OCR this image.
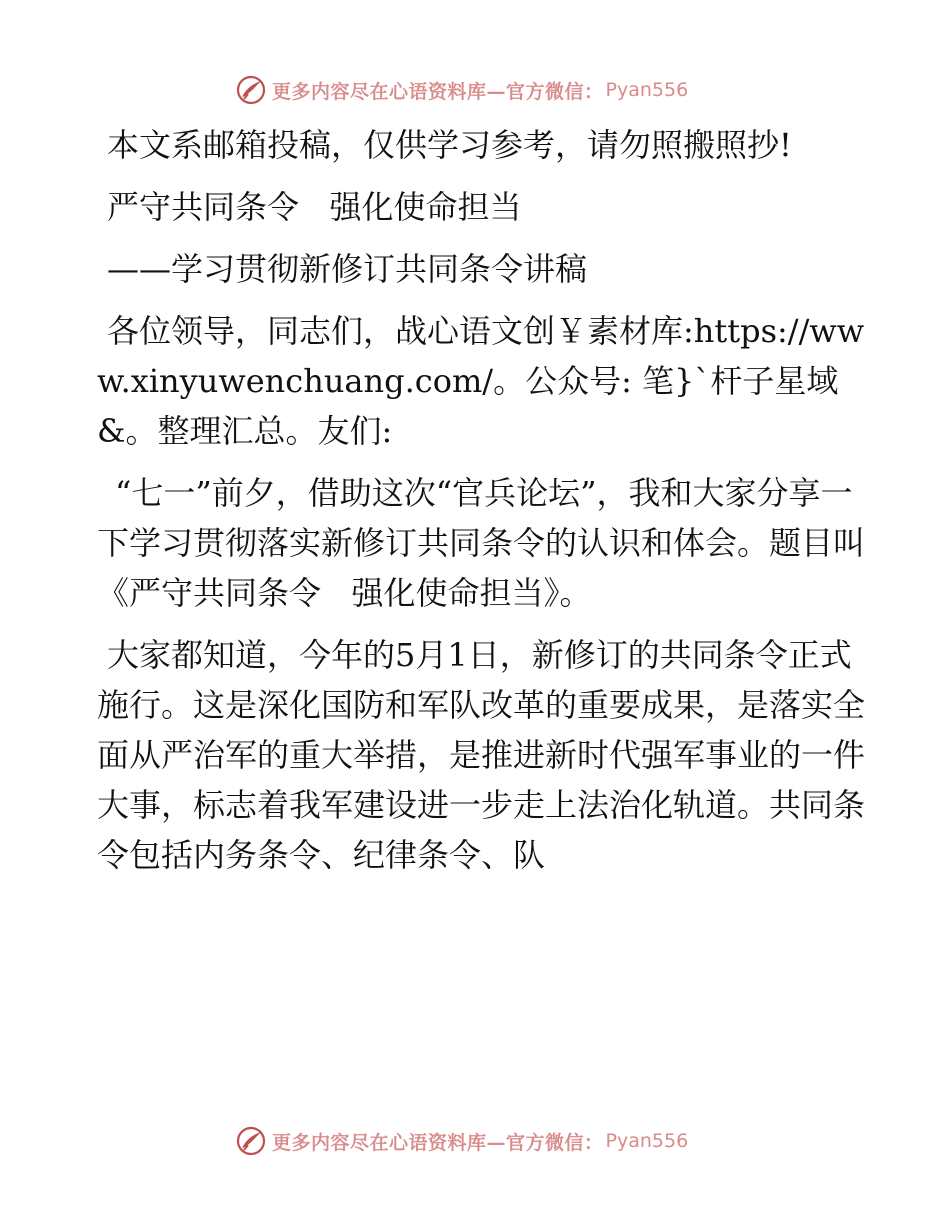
更多内容尽在心语资料库—官方微信： Pyan556

本文系邮箱投稿，仅供学习参考，请勿照搬照抄!

严守共同条令 强化使命担当

——学习贯彻新修订共同条令讲稿

各位领导，同志们，战心语文创￥素材库:https://www.xinyuwenchuang.com/。公众号: 笔}`杆子星域&。整理汇总。友们:

“七一”前夕，借助这次“官兵论坛”，我和大家分享一下学习贯彻落实新修订共同条令的认识和体会。题目叫《严守共同条令 强化使命担当》。

大家都知道，今年的5月1日，新修订的共同条令正式施行。这是深化国防和军队改革的重要成果，是落实全面从严治军的重大举措，是推进新时代强军事业的一件大事，标志着我军建设进一步走上法治化轨道。共同条令包括内务条令、纪律条令、队

更多内容尽在心语资料库—官方微信： Pyan556
